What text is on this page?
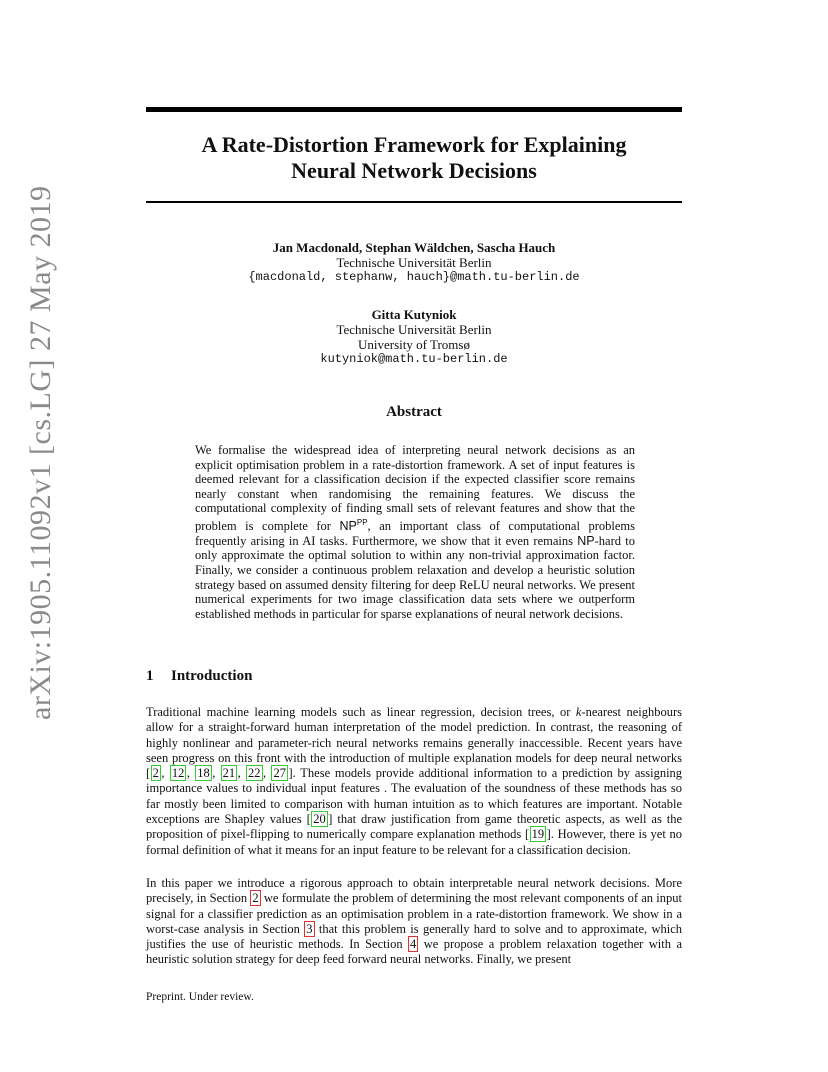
arXiv:1905.11092v1 [cs.LG] 27 May 2019
A Rate-Distortion Framework for Explaining
Neural Network Decisions
Jan Macdonald, Stephan Wäldchen, Sascha Hauch
Technische Universität Berlin
{macdonald, stephanw, hauch}@math.tu-berlin.de
Gitta Kutyniok
Technische Universität Berlin
University of Tromsø
kutyniok@math.tu-berlin.de
Abstract
We formalise the widespread idea of interpreting neural network decisions as an explicit optimisation problem in a rate-distortion framework. A set of input features is deemed relevant for a classification decision if the expected classifier score remains nearly constant when randomising the remaining features. We discuss the computational complexity of finding small sets of relevant features and show that the problem is complete for $NP^{PP}$, an important class of computational problems frequently arising in AI tasks. Furthermore, we show that it even remains NP-hard to only approximate the optimal solution to within any non-trivial approximation factor. Finally, we consider a continuous problem relaxation and develop a heuristic solution strategy based on assumed density filtering for deep ReLU neural networks. We present numerical experiments for two image classification data sets where we outperform established methods in particular for sparse explanations of neural network decisions.
1 Introduction
Traditional machine learning models such as linear regression, decision trees, or k-nearest neighbours allow for a straight-forward human interpretation of the model prediction. In contrast, the reasoning of highly nonlinear and parameter-rich neural networks remains generally inaccessible. Recent years have seen progress on this front with the introduction of multiple explanation models for deep neural networks [ 2 , 12 , 18 , 21 , 22 , 27 ]. These models provide additional information to a prediction by assigning importance values to individual input features . The evaluation of the soundness of these methods has so far mostly been limited to comparison with human intuition as to which features are important. Notable exceptions are Shapley values [ 20 ] that draw justification from game theoretic aspects, as well as the proposition of pixel-flipping to numerically compare explanation methods [ 19 ]. However, there is yet no formal definition of what it means for an input feature to be relevant for a classification decision.
In this paper we introduce a rigorous approach to obtain interpretable neural network decisions. More precisely, in Section 2 we formulate the problem of determining the most relevant components of an input signal for a classifier prediction as an optimisation problem in a rate-distortion framework. We show in a worst-case analysis in Section 3 that this problem is generally hard to solve and to approximate, which justifies the use of heuristic methods. In Section 4 we propose a problem relaxation together with a heuristic solution strategy for deep feed forward neural networks. Finally, we present
Preprint. Under review.
